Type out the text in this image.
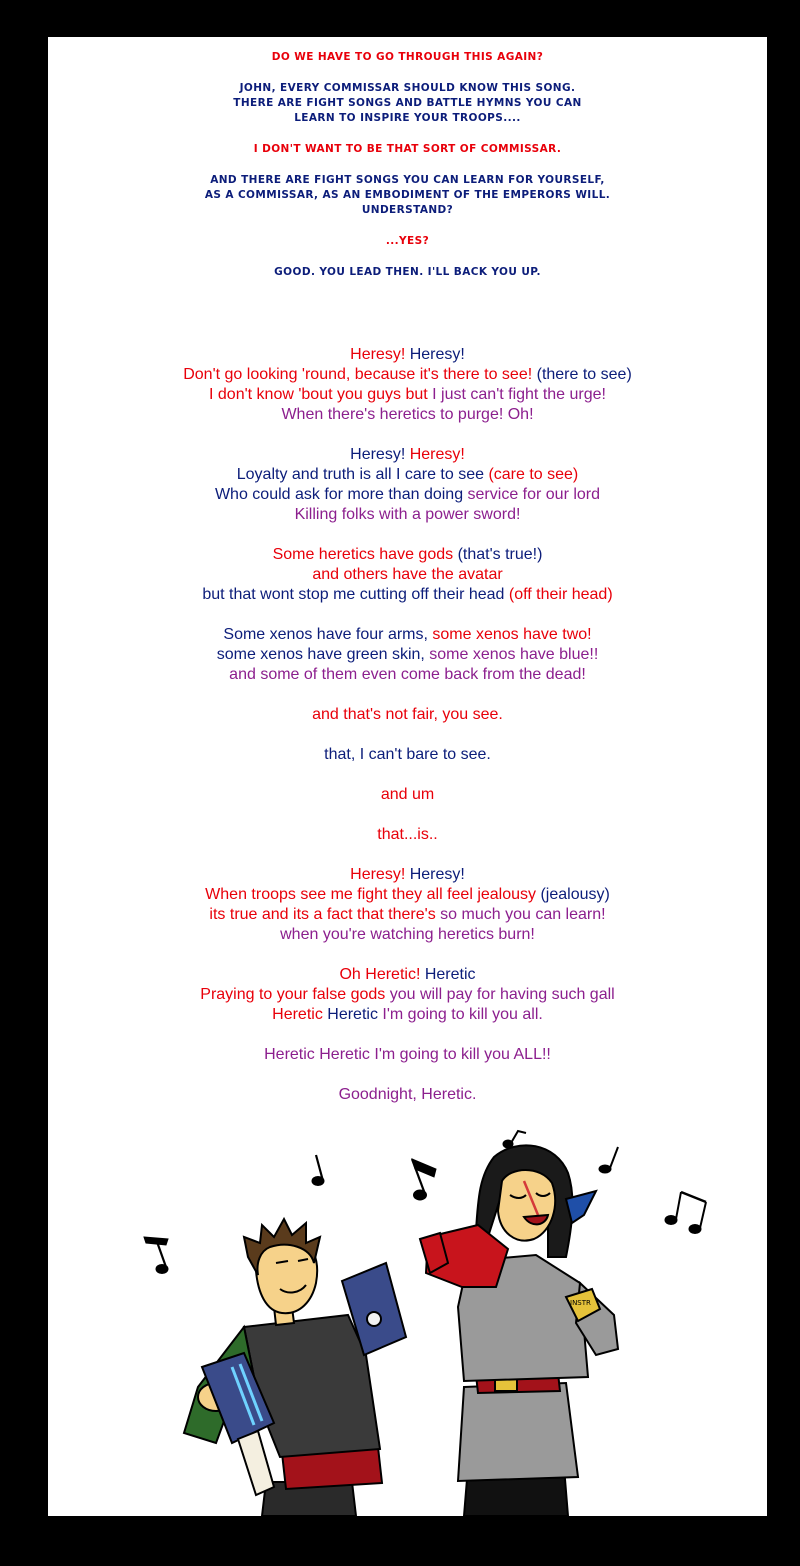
DO WE HAVE TO GO THROUGH THIS AGAIN?

JOHN, EVERY COMMISSAR SHOULD KNOW THIS SONG.
THERE ARE FIGHT SONGS AND BATTLE HYMNS YOU CAN
LEARN TO INSPIRE YOUR TROOPS....

I DON'T WANT TO BE THAT SORT OF COMMISSAR.

AND THERE ARE FIGHT SONGS YOU CAN LEARN FOR YOURSELF,
AS A COMMISSAR, AS AN EMBODIMENT OF THE EMPERORS WILL.
UNDERSTAND?

...YES?

GOOD. YOU LEAD THEN. I'LL BACK YOU UP.

Heresy! Heresy!
Don't go looking 'round, because it's there to see! (there to see)
I don't know 'bout you guys but I just can't fight the urge!
When there's heretics to purge! Oh!
Heresy! Heresy!
Loyalty and truth is all I care to see (care to see)
Who could ask for more than doing service for our lord
Killing folks with a power sword!
Some heretics have gods (that's true!)
and others have the avatar
but that wont stop me cutting off their head (off their head)
Some xenos have four arms, some xenos have two!
some xenos have green skin, some xenos have blue!!
and some of them even come back from the dead!
and that's not fair, you see.
that, I can't bare to see.
and um
that...is..
Heresy! Heresy!
When troops see me fight they all feel jealousy (jealousy)
its true and its a fact that there's so much you can learn!
when you're watching heretics burn!
Oh Heretic! Heretic
Praying to your false gods you will pay for having such gall
Heretic Heretic I'm going to kill you all.
Heretic Heretic I'm going to kill you ALL!!
Goodnight, Heretic.
INSTR
